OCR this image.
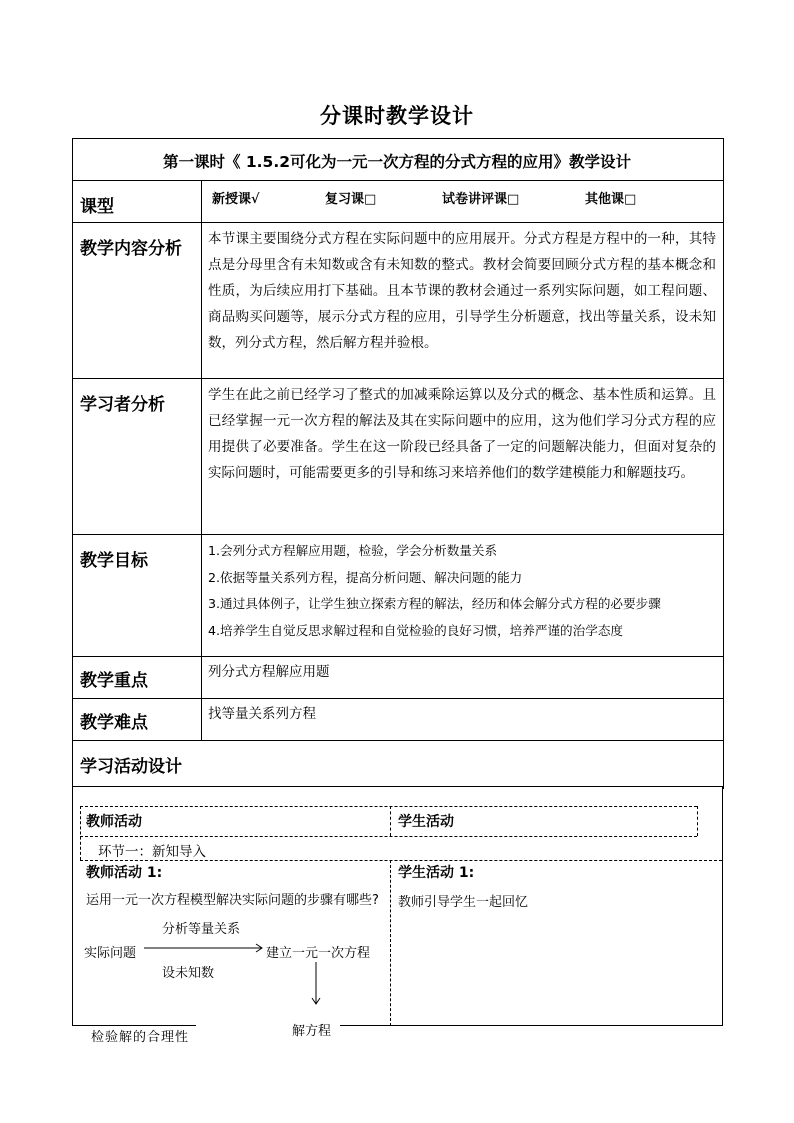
分课时教学设计
第一课时《 1.5.2可化为一元一次方程的分式方程的应用》教学设计
课型	新授课√	复习课□	试卷讲评课□	其他课□
教学内容分析 本节课主要围绕分式方程在实际问题中的应用展开。分式方程是方程中的一种，其特点是分母里含有未知数或含有未知数的整式。教材会简要回顾分式方程的基本概念和性质，为后续应用打下基础。且本节课的教材会通过一系列实际问题，如工程问题、商品购买问题等，展示分式方程的应用，引导学生分析题意，找出等量关系，设未知数，列分式方程，然后解方程并验根。
学习者分析	学生在此之前已经学习了整式的加减乘除运算以及分式的概念、基本性质和运算。且已经掌握一元一次方程的解法及其在实际问题中的应用，这为他们学习分式方程的应用提供了必要准备。学生在这一阶段已经具备了一定的问题解决能力，但面对复杂的实际问题时，可能需要更多的引导和练习来培养他们的数学建模能力和解题技巧。
教学目标
1.会列分式方程解应用题，检验，学会分析数量关系
2.依据等量关系列方程，提高分析问题、解决问题的能力
3.通过具体例子，让学生独立探索方程的解法，经历和体会解分式方程的必要步骤
4.培养学生自觉反思求解过程和自觉检验的良好习惯，培养严谨的治学态度
教学重点	列分式方程解应用题
教学难点	找等量关系列方程
学习活动设计
教师活动	学生活动
环节一：新知导入
教师活动 1:	学生活动 1:
运用一元一次方程模型解决实际问题的步骤有哪些?	教师引导学生一起回忆
分析等量关系
实际问题	建立一元一次方程
设未知数
解方程
检验解的合理性
